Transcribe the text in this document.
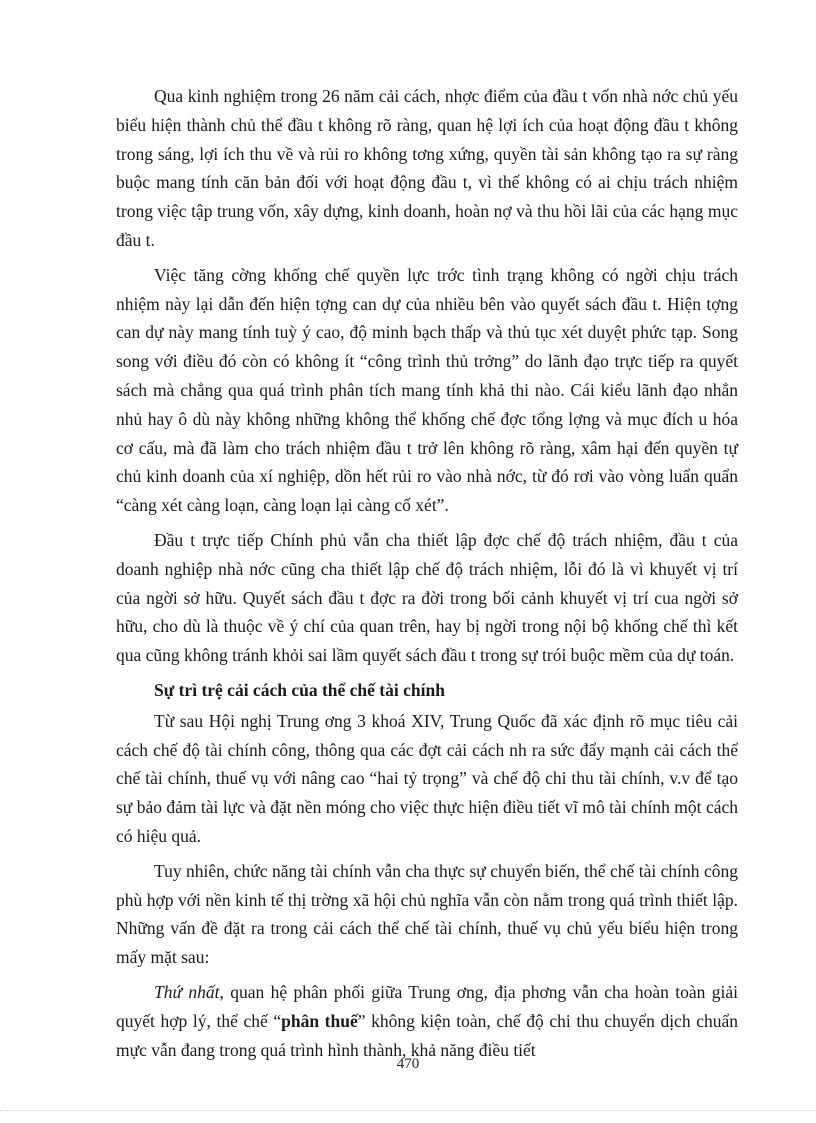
Qua kinh nghiệm trong 26 năm cải cách, nhợc điểm của đầu t vốn nhà nớc chủ yếu biểu hiện thành chủ thể đầu t không rõ ràng, quan hệ lợi ích của hoạt động đầu t không trong sáng, lợi ích thu về và rủi ro không tơng xứng, quyền tài sản không tạo ra sự ràng buộc mang tính căn bản đối với hoạt động đầu t, vì thế không có ai chịu trách nhiệm trong việc tập trung vốn, xây dựng, kinh doanh, hoàn nợ và thu hồi lãi của các hạng mục đầu t.

Việc tăng cờng khống chế quyền lực trớc tình trạng không có ngời chịu trách nhiệm này lại dẫn đến hiện tợng can dự của nhiều bên vào quyết sách đầu t. Hiện tợng can dự này mang tính tuỳ ý cao, độ minh bạch thấp và thủ tục xét duyệt phức tạp. Song song với điều đó còn có không ít “công trình thủ trởng” do lãnh đạo trực tiếp ra quyết sách mà chẳng qua quá trình phân tích mang tính khả thi nào. Cái kiểu lãnh đạo nhắn nhủ hay ô dù này không những không thể khống chế đợc tổng lợng và mục đích u hóa cơ cấu, mà đã làm cho trách nhiệm đầu t trở lên không rõ ràng, xâm hại đến quyền tự chủ kinh doanh của xí nghiệp, dồn hết rủi ro vào nhà nớc, từ đó rơi vào vòng luẩn quẩn “càng xét càng loạn, càng loạn lại càng cố xét”.

Đầu t trực tiếp Chính phủ vẫn cha thiết lập đợc chế độ trách nhiệm, đầu t của doanh nghiệp nhà nớc cũng cha thiết lập chế độ trách nhiệm, lỗi đó là vì khuyết vị trí của ngời sở hữu. Quyết sách đầu t đợc ra đời trong bối cảnh khuyết vị trí cua ngời sở hữu, cho dù là thuộc về ý chí của quan trên, hay bị ngời trong nội bộ khống chế thì kết qua cũng không tránh khỏi sai lầm quyết sách đầu t trong sự trói buộc mềm của dự toán.

Sự trì trệ cải cách của thể chế tài chính

Từ sau Hội nghị Trung ơng 3 khoá XIV, Trung Quốc đã xác định rõ mục tiêu cải cách chế độ tài chính công, thông qua các đợt cải cách nh ra sức đẩy mạnh cải cách thể chế tài chính, thuế vụ với nâng cao “hai tỷ trọng” và chế độ chi thu tài chính, v.v để tạo sự bảo đảm tài lực và đặt nền móng cho việc thực hiện điều tiết vĩ mô tài chính một cách có hiệu quả.

Tuy nhiên, chức năng tài chính vẫn cha thực sự chuyển biến, thể chế tài chính công phù hợp với nền kinh tế thị trờng xã hội chủ nghĩa vẫn còn nằm trong quá trình thiết lập. Những vấn đề đặt ra trong cải cách thể chế tài chính, thuế vụ chủ yếu biểu hiện trong mấy mặt sau:

Thứ nhất, quan hệ phân phối giữa Trung ơng, địa phơng vẫn cha hoàn toàn giải quyết hợp lý, thể chế “phân thuế” không kiện toàn, chế độ chi thu chuyển dịch chuẩn mực vẫn đang trong quá trình hình thành, khả năng điều tiết

470
